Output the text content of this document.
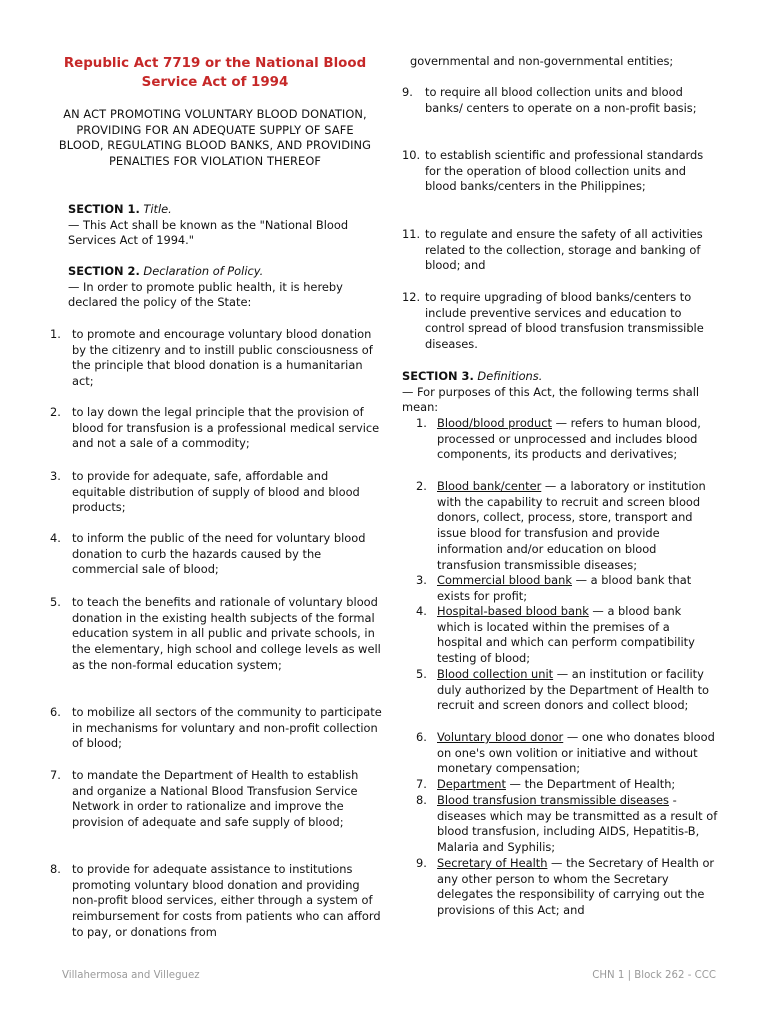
Republic Act 7719 or the National Blood Service Act of 1994

AN ACT PROMOTING VOLUNTARY BLOOD DONATION, PROVIDING FOR AN ADEQUATE SUPPLY OF SAFE BLOOD, REGULATING BLOOD BANKS, AND PROVIDING PENALTIES FOR VIOLATION THEREOF

SECTION 1. Title.

— This Act shall be known as the "National Blood Services Act of 1994."

SECTION 2. Declaration of Policy.

— In order to promote public health, it is hereby declared the policy of the State:

1. to promote and encourage voluntary blood donation by the citizenry and to instill public consciousness of the principle that blood donation is a humanitarian act;
2. to lay down the legal principle that the provision of blood for transfusion is a professional medical service and not a sale of a commodity;
3. to provide for adequate, safe, affordable and equitable distribution of supply of blood and blood products;
4. to inform the public of the need for voluntary blood donation to curb the hazards caused by the commercial sale of blood;
5. to teach the benefits and rationale of voluntary blood donation in the existing health subjects of the formal education system in all public and private schools, in the elementary, high school and college levels as well as the non-formal education system;
6. to mobilize all sectors of the community to participate in mechanisms for voluntary and non-profit collection of blood;
7. to mandate the Department of Health to establish and organize a National Blood Transfusion Service Network in order to rationalize and improve the provision of adequate and safe supply of blood;
8. to provide for adequate assistance to institutions promoting voluntary blood donation and providing non-profit blood services, either through a system of reimbursement for costs from patients who can afford to pay, or donations from
governmental and non-governmental entities;
9. to require all blood collection units and blood banks/ centers to operate on a non-profit basis;
10. to establish scientific and professional standards for the operation of blood collection units and blood banks/centers in the Philippines;
11. to regulate and ensure the safety of all activities related to the collection, storage and banking of blood; and
12. to require upgrading of blood banks/centers to include preventive services and education to control spread of blood transfusion transmissible diseases.

SECTION 3. Definitions.

— For purposes of this Act, the following terms shall mean:

1. Blood/blood product — refers to human blood, processed or unprocessed and includes blood components, its products and derivatives;
2. Blood bank/center — a laboratory or institution with the capability to recruit and screen blood donors, collect, process, store, transport and issue blood for transfusion and provide information and/or education on blood transfusion transmissible diseases;
3. Commercial blood bank — a blood bank that exists for profit;
4. Hospital-based blood bank — a blood bank which is located within the premises of a hospital and which can perform compatibility testing of blood;
5. Blood collection unit — an institution or facility duly authorized by the Department of Health to recruit and screen donors and collect blood;
6. Voluntary blood donor — one who donates blood on one's own volition or initiative and without monetary compensation;
7. Department — the Department of Health;
8. Blood transfusion transmissible diseases - diseases which may be transmitted as a result of blood transfusion, including AIDS, Hepatitis-B, Malaria and Syphilis;
9. Secretary of Health — the Secretary of Health or any other person to whom the Secretary delegates the responsibility of carrying out the provisions of this Act; and
Villahermosa and Villeguez	CHN 1 | Block 262 - CCC
